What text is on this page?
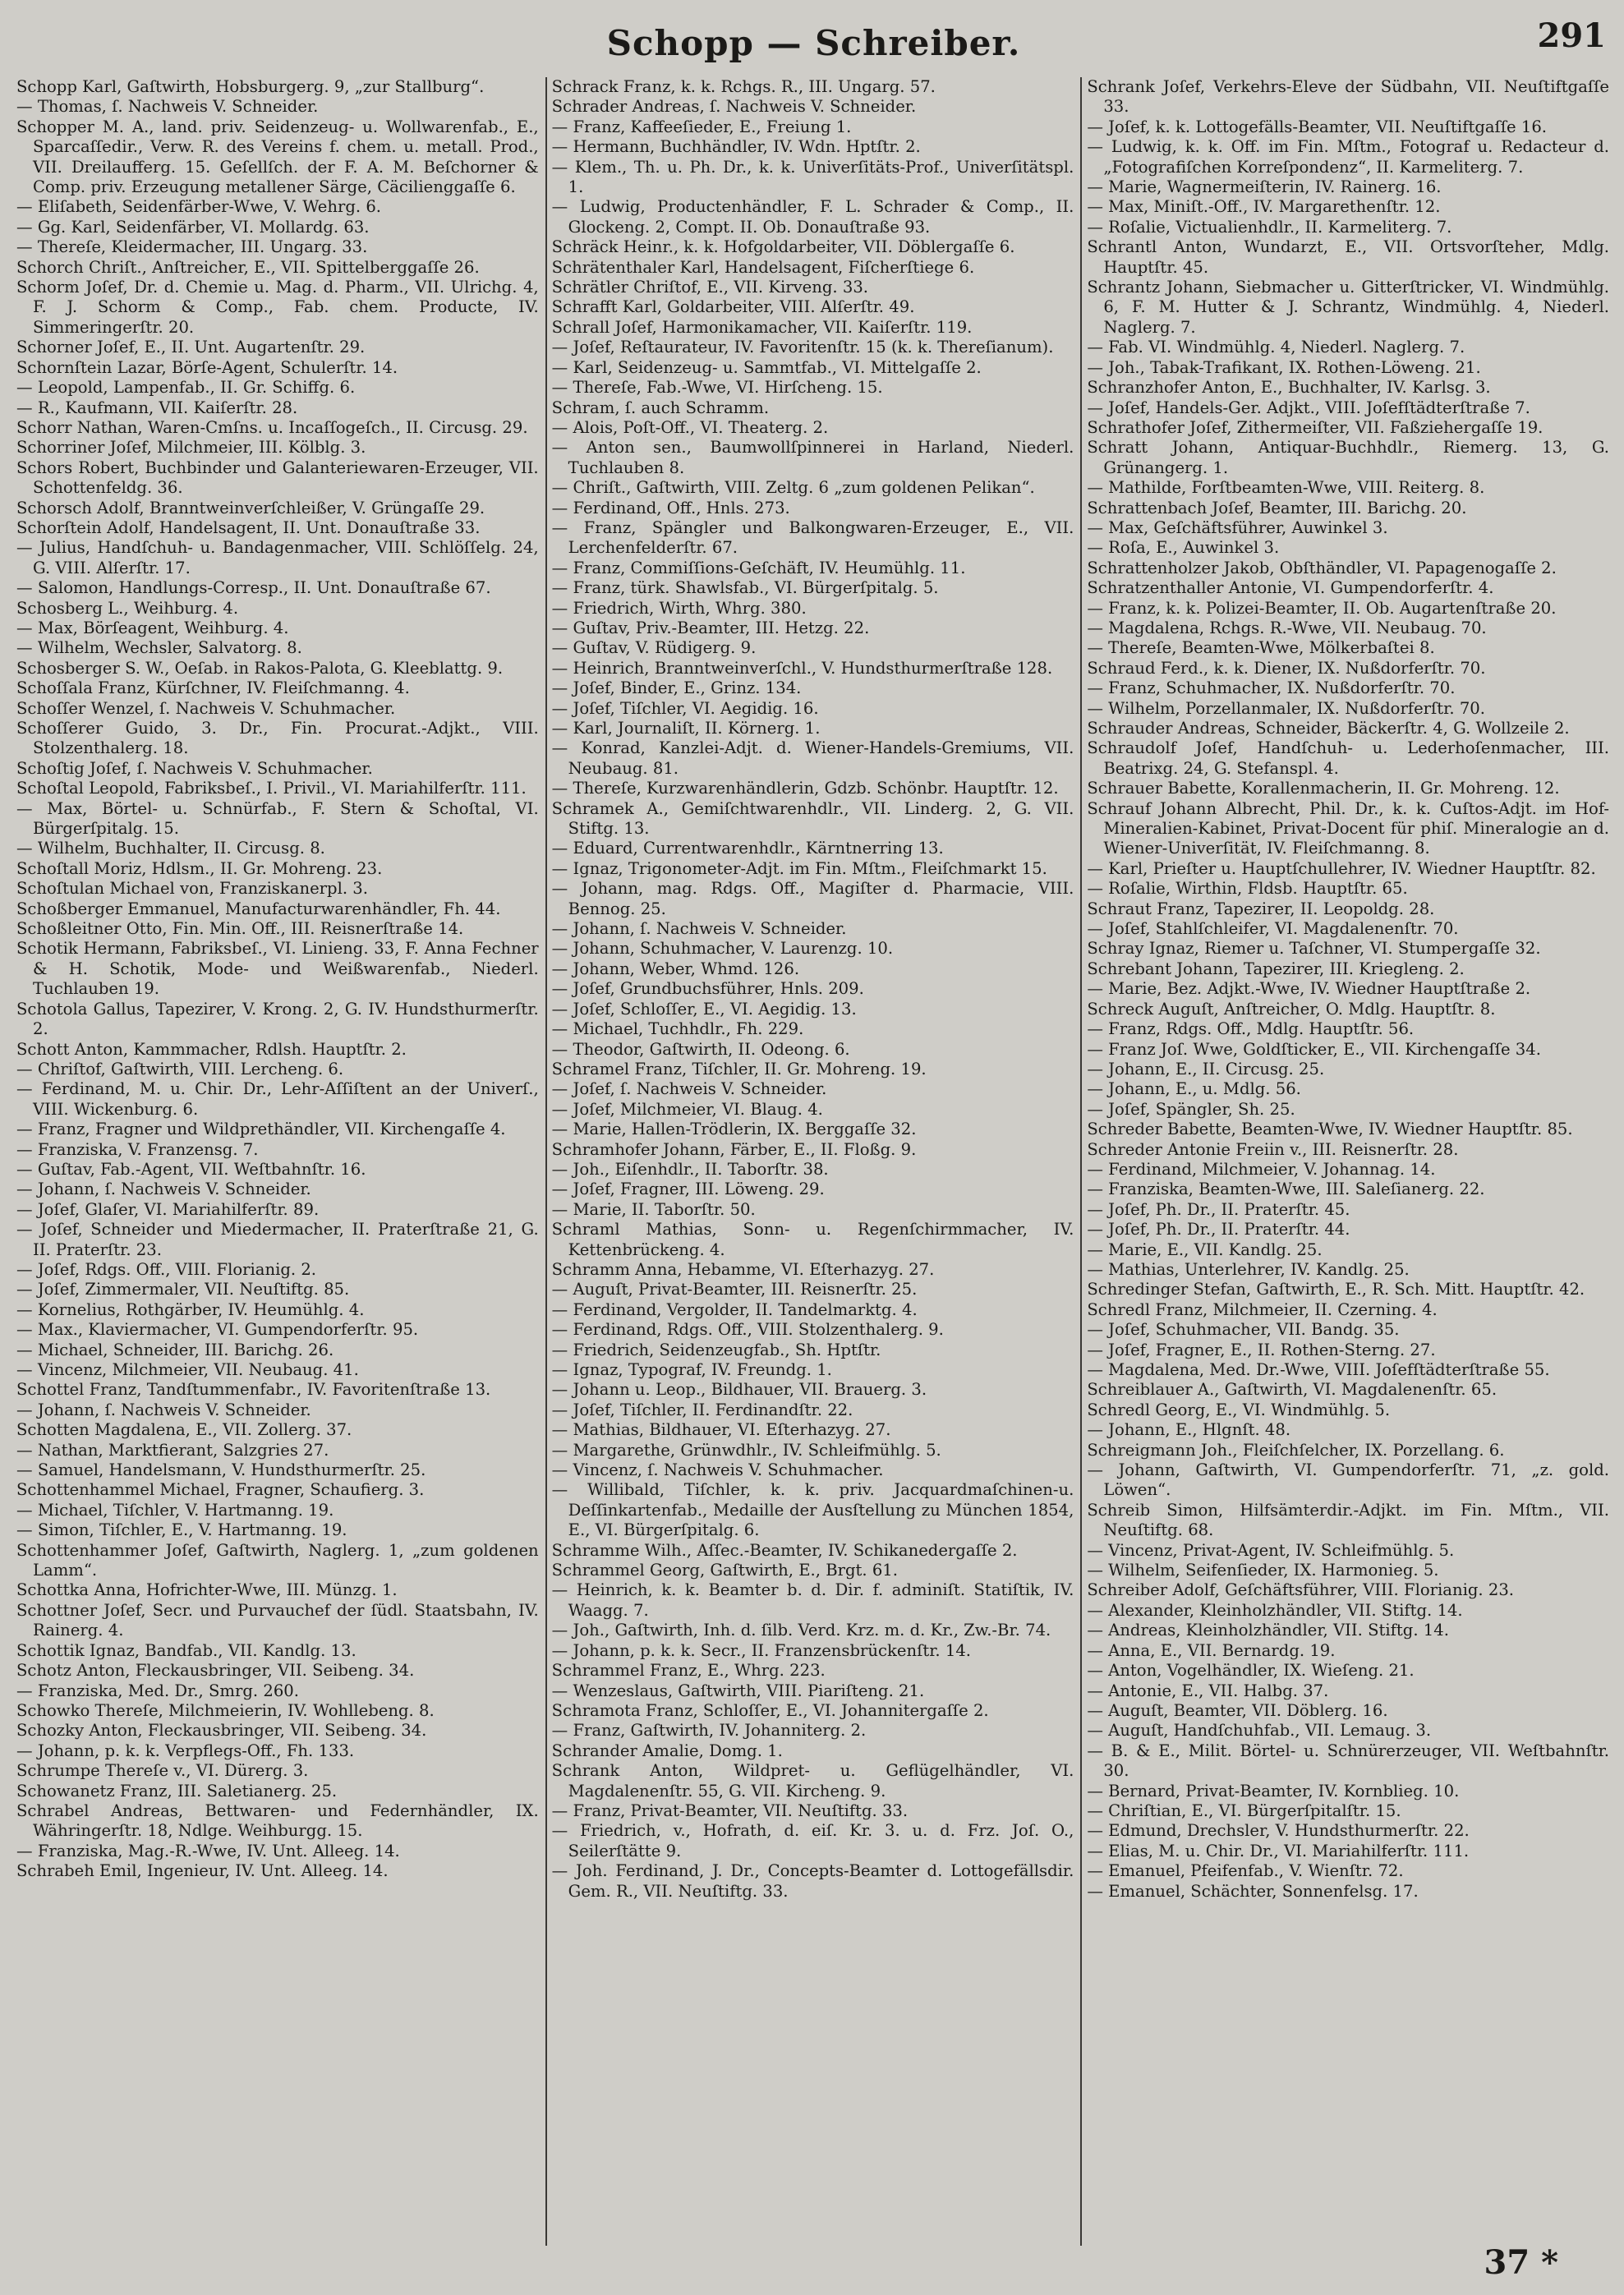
Schopp — Schreiber.	291

Schopp Karl, Gaſtwirth, Hobsburgerg. 9, „zur Stallburg“.

— Thomas, ſ. Nachweis V. Schneider.

Schopper M. A., land. priv. Seidenzeug- u. Wollwarenfab., E., Sparcaſſedir., Verw. R. des Vereins f. chem. u. metall. Prod., VII. Dreilaufferg. 15. Geſellſch. der F. A. M. Beſchorner & Comp. priv. Erzeugung metallener Särge, Cäcilienggaſſe 6.

— Eliſabeth, Seidenfärber-Wwe, V. Wehrg. 6.

— Gg. Karl, Seidenfärber, VI. Mollardg. 63.

— Thereſe, Kleidermacher, III. Ungarg. 33.

Schorch Chriſt., Anſtreicher, E., VII. Spittelberggaſſe 26.

Schorm Joſef, Dr. d. Chemie u. Mag. d. Pharm., VII. Ulrichg. 4, F. J. Schorm & Comp., Fab. chem. Producte, IV. Simmeringerſtr. 20.

Schorner Joſef, E., II. Unt. Augartenſtr. 29.

Schornſtein Lazar, Börſe-Agent, Schulerſtr. 14.

— Leopold, Lampenfab., II. Gr. Schiffg. 6.

— R., Kaufmann, VII. Kaiſerſtr. 28.

Schorr Nathan, Waren-Cmſns. u. Incaſſogeſch., II. Circusg. 29.

Schorriner Joſef, Milchmeier, III. Kölblg. 3.

Schors Robert, Buchbinder und Galanteriewaren-Erzeuger, VII. Schottenfeldg. 36.

Schorsch Adolf, Branntweinverſchleißer, V. Grüngaſſe 29.

Schorſtein Adolf, Handelsagent, II. Unt. Donauſtraße 33.

— Julius, Handſchuh- u. Bandagenmacher, VIII. Schlöſſelg. 24, G. VIII. Alſerſtr. 17.

— Salomon, Handlungs-Corresp., II. Unt. Donauſtraße 67.

Schosberg L., Weihburg. 4.

— Max, Börſeagent, Weihburg. 4.

— Wilhelm, Wechsler, Salvatorg. 8.

Schosberger S. W., Oeſab. in Rakos-Palota, G. Kleeblattg. 9.

Schoſſala Franz, Kürſchner, IV. Fleiſchmanng. 4.

Schoſſer Wenzel, ſ. Nachweis V. Schuhmacher.

Schoſſerer Guido, 3. Dr., Fin. Procurat.-Adjkt., VIII. Stolzenthalerg. 18.

Schoſtig Joſef, ſ. Nachweis V. Schuhmacher.

Schoſtal Leopold, Fabriksbeſ., I. Privil., VI. Mariahilferſtr. 111.

— Max, Börtel- u. Schnürfab., F. Stern & Schoſtal, VI. Bürgerſpitalg. 15.

— Wilhelm, Buchhalter, II. Circusg. 8.

Schoſtall Moriz, Hdlsm., II. Gr. Mohreng. 23.

Schoſtulan Michael von, Franziskanerpl. 3.

Schoßberger Emmanuel, Manufacturwarenhändler, Fh. 44.

Schoßleitner Otto, Fin. Min. Off., III. Reisnerſtraße 14.

Schotik Hermann, Fabriksbeſ., VI. Linieng. 33, F. Anna Fechner & H. Schotik, Mode- und Weißwarenfab., Niederl. Tuchlauben 19.

Schotola Gallus, Tapezirer, V. Krong. 2, G. IV. Hundsthurmerſtr. 2.

Schott Anton, Kammmacher, Rdlsh. Hauptſtr. 2.

— Chriſtof, Gaſtwirth, VIII. Lercheng. 6.

— Ferdinand, M. u. Chir. Dr., Lehr-Aſſiſtent an der Univerſ., VIII. Wickenburg. 6.

— Franz, Fragner und Wildprethändler, VII. Kirchengaſſe 4.

— Franziska, V. Franzensg. 7.

— Guſtav, Fab.-Agent, VII. Weſtbahnſtr. 16.

— Johann, ſ. Nachweis V. Schneider.

— Joſef, Glaſer, VI. Mariahilferſtr. 89.

— Joſef, Schneider und Miedermacher, II. Praterſtraße 21, G. II. Praterſtr. 23.

— Joſef, Rdgs. Off., VIII. Florianig. 2.

— Joſef, Zimmermaler, VII. Neuſtiftg. 85.

— Kornelius, Rothgärber, IV. Heumühlg. 4.

— Max., Klaviermacher, VI. Gumpendorferſtr. 95.

— Michael, Schneider, III. Barichg. 26.

— Vincenz, Milchmeier, VII. Neubaug. 41.

Schottel Franz, Tandſtummenfabr., IV. Favoritenſtraße 13.

— Johann, ſ. Nachweis V. Schneider.

Schotten Magdalena, E., VII. Zollerg. 37.

— Nathan, Marktfierant, Salzgries 27.

— Samuel, Handelsmann, V. Hundsthurmerſtr. 25.

Schottenhammel Michael, Fragner, Schaufierg. 3.

— Michael, Tiſchler, V. Hartmanng. 19.

— Simon, Tiſchler, E., V. Hartmanng. 19.

Schottenhammer Joſef, Gaſtwirth, Naglerg. 1, „zum goldenen Lamm“.

Schottka Anna, Hofrichter-Wwe, III. Münzg. 1.

Schottner Joſef, Secr. und Purvauchef der ſüdl. Staatsbahn, IV. Rainerg. 4.

Schottik Ignaz, Bandfab., VII. Kandlg. 13.

Schotz Anton, Fleckausbringer, VII. Seibeng. 34.

— Franziska, Med. Dr., Smrg. 260.

Schowko Thereſe, Milchmeierin, IV. Wohllebeng. 8.

Schozky Anton, Fleckausbringer, VII. Seibeng. 34.

— Johann, p. k. k. Verpflegs-Off., Fh. 133.

Schrumpe Thereſe v., VI. Dürerg. 3.

Schowanetz Franz, III. Saletianerg. 25.

Schrabel Andreas, Bettwaren- und Federnhändler, IX. Währingerſtr. 18, Ndlge. Weihburgg. 15.

— Franziska, Mag.-R.-Wwe, IV. Unt. Alleeg. 14.

Schrabeh Emil, Ingenieur, IV. Unt. Alleeg. 14.

Schrack Franz, k. k. Rchgs. R., III. Ungarg. 57.

Schrader Andreas, ſ. Nachweis V. Schneider.

— Franz, Kaffeeſieder, E., Freiung 1.

— Hermann, Buchhändler, IV. Wdn. Hptſtr. 2.

— Klem., Th. u. Ph. Dr., k. k. Univerſitäts-Prof., Univerſitätspl. 1.

— Ludwig, Productenhändler, F. L. Schrader & Comp., II. Glockeng. 2, Compt. II. Ob. Donauſtraße 93.

Schräck Heinr., k. k. Hofgoldarbeiter, VII. Döblergaſſe 6.

Schrätenthaler Karl, Handelsagent, Fiſcherſtiege 6.

Schrätler Chriſtof, E., VII. Kirveng. 33.

Schrafft Karl, Goldarbeiter, VIII. Alſerſtr. 49.

Schrall Joſef, Harmonikamacher, VII. Kaiſerſtr. 119.

— Joſef, Reſtaurateur, IV. Favoritenſtr. 15 (k. k. Thereſianum).

— Karl, Seidenzeug- u. Sammtfab., VI. Mittelgaſſe 2.

— Thereſe, Fab.-Wwe, VI. Hirſcheng. 15.

Schram, ſ. auch Schramm.

— Alois, Poſt-Off., VI. Theaterg. 2.

— Anton sen., Baumwollſpinnerei in Harland, Niederl. Tuchlauben 8.

— Chriſt., Gaſtwirth, VIII. Zeltg. 6 „zum goldenen Pelikan“.

— Ferdinand, Off., Hnls. 273.

— Franz, Spängler und Balkongwaren-Erzeuger, E., VII. Lerchenfelderſtr. 67.

— Franz, Commiſſions-Geſchäft, IV. Heumühlg. 11.

— Franz, türk. Shawlsfab., VI. Bürgerſpitalg. 5.

— Friedrich, Wirth, Whrg. 380.

— Guſtav, Priv.-Beamter, III. Hetzg. 22.

— Guſtav, V. Rüdigerg. 9.

— Heinrich, Branntweinverſchl., V. Hundsthurmerſtraße 128.

— Joſef, Binder, E., Grinz. 134.

— Joſef, Tiſchler, VI. Aegidig. 16.

— Karl, Journaliſt, II. Körnerg. 1.

— Konrad, Kanzlei-Adjt. d. Wiener-Handels-Gremiums, VII. Neubaug. 81.

— Thereſe, Kurzwarenhändlerin, Gdzb. Schönbr. Hauptſtr. 12.

Schramek A., Gemiſchtwarenhdlr., VII. Linderg. 2, G. VII. Stiftg. 13.

— Eduard, Currentwarenhdlr., Kärntnerring 13.

— Ignaz, Trigonometer-Adjt. im Fin. Mſtm., Fleiſchmarkt 15.

— Johann, mag. Rdgs. Off., Magiſter d. Pharmacie, VIII. Bennog. 25.

— Johann, ſ. Nachweis V. Schneider.

— Johann, Schuhmacher, V. Laurenzg. 10.

— Johann, Weber, Whmd. 126.

— Joſef, Grundbuchsführer, Hnls. 209.

— Joſef, Schloſſer, E., VI. Aegidig. 13.

— Michael, Tuchhdlr., Fh. 229.

— Theodor, Gaſtwirth, II. Odeong. 6.

Schramel Franz, Tiſchler, II. Gr. Mohreng. 19.

— Joſef, ſ. Nachweis V. Schneider.

— Joſef, Milchmeier, VI. Blaug. 4.

— Marie, Hallen-Trödlerin, IX. Berggaſſe 32.

Schramhofer Johann, Färber, E., II. Floßg. 9.

— Joh., Eiſenhdlr., II. Taborſtr. 38.

— Joſef, Fragner, III. Löweng. 29.

— Marie, II. Taborſtr. 50.

Schraml Mathias, Sonn- u. Regenſchirmmacher, IV. Kettenbrückeng. 4.

Schramm Anna, Hebamme, VI. Eſterhazyg. 27.

— Auguſt, Privat-Beamter, III. Reisnerſtr. 25.

— Ferdinand, Vergolder, II. Tandelmarktg. 4.

— Ferdinand, Rdgs. Off., VIII. Stolzenthalerg. 9.

— Friedrich, Seidenzeugfab., Sh. Hptſtr.

— Ignaz, Typograf, IV. Freundg. 1.

— Johann u. Leop., Bildhauer, VII. Brauerg. 3.

— Joſef, Tiſchler, II. Ferdinandſtr. 22.

— Mathias, Bildhauer, VI. Eſterhazyg. 27.

— Margarethe, Grünwdhlr., IV. Schleifmühlg. 5.

— Vincenz, ſ. Nachweis V. Schuhmacher.

— Willibald, Tiſchler, k. k. priv. Jacquardmaſchinen-u. Deſſinkartenfab., Medaille der Ausſtellung zu München 1854, E., VI. Bürgerſpitalg. 6.

Schramme Wilh., Aſſec.-Beamter, IV. Schikanedergaſſe 2.

Schrammel Georg, Gaſtwirth, E., Brgt. 61.

— Heinrich, k. k. Beamter b. d. Dir. f. adminiſt. Statiſtik, IV. Waagg. 7.

— Joh., Gaſtwirth, Inh. d. ſilb. Verd. Krz. m. d. Kr., Zw.-Br. 74.

— Johann, p. k. k. Secr., II. Franzensbrückenſtr. 14.

Schrammel Franz, E., Whrg. 223.

— Wenzeslaus, Gaſtwirth, VIII. Piariſteng. 21.

Schramota Franz, Schloſſer, E., VI. Johannitergaſſe 2.

— Franz, Gaſtwirth, IV. Johanniterg. 2.

Schrander Amalie, Domg. 1.

Schrank Anton, Wildpret- u. Geflügelhändler, VI. Magdalenenſtr. 55, G. VII. Kircheng. 9.

— Franz, Privat-Beamter, VII. Neuſtiftg. 33.

— Friedrich, v., Hofrath, d. eiſ. Kr. 3. u. d. Frz. Joſ. O., Seilerſtätte 9.

— Joh. Ferdinand, J. Dr., Concepts-Beamter d. Lottogefällsdir. Gem. R., VII. Neuſtiftg. 33.

Schrank Joſef, Verkehrs-Eleve der Südbahn, VII. Neuſtiftgaſſe 33.

— Joſef, k. k. Lottogefälls-Beamter, VII. Neuſtiftgaſſe 16.

— Ludwig, k. k. Off. im Fin. Mſtm., Fotograf u. Redacteur d. „Fotografiſchen Korreſpondenz“, II. Karmeliterg. 7.

— Marie, Wagnermeiſterin, IV. Rainerg. 16.

— Max, Miniſt.-Off., IV. Margarethenſtr. 12.

— Roſalie, Victualienhdlr., II. Karmeliterg. 7.

Schrantl Anton, Wundarzt, E., VII. Ortsvorſteher, Mdlg. Hauptſtr. 45.

Schrantz Johann, Siebmacher u. Gitterſtricker, VI. Windmühlg. 6, F. M. Hutter & J. Schrantz, Windmühlg. 4, Niederl. Naglerg. 7.

— Fab. VI. Windmühlg. 4, Niederl. Naglerg. 7.

— Joh., Tabak-Trafikant, IX. Rothen-Löweng. 21.

Schranzhofer Anton, E., Buchhalter, IV. Karlsg. 3.

— Joſef, Handels-Ger. Adjkt., VIII. Joſefſtädterſtraße 7.

Schrathofer Joſef, Zithermeiſter, VII. Faßziehergaſſe 19.

Schratt Johann, Antiquar-Buchhdlr., Riemerg. 13, G. Grünangerg. 1.

— Mathilde, Forſtbeamten-Wwe, VIII. Reiterg. 8.

Schrattenbach Joſef, Beamter, III. Barichg. 20.

— Max, Geſchäftsführer, Auwinkel 3.

— Roſa, E., Auwinkel 3.

Schrattenholzer Jakob, Obſthändler, VI. Papagenogaſſe 2.

Schratzenthaller Antonie, VI. Gumpendorferſtr. 4.

— Franz, k. k. Polizei-Beamter, II. Ob. Augartenſtraße 20.

— Magdalena, Rchgs. R.-Wwe, VII. Neubaug. 70.

— Thereſe, Beamten-Wwe, Mölkerbaſtei 8.

Schraud Ferd., k. k. Diener, IX. Nußdorferſtr. 70.

— Franz, Schuhmacher, IX. Nußdorferſtr. 70.

— Wilhelm, Porzellanmaler, IX. Nußdorferſtr. 70.

Schrauder Andreas, Schneider, Bäckerſtr. 4, G. Wollzeile 2.

Schraudolf Joſef, Handſchuh- u. Lederhoſenmacher, III. Beatrixg. 24, G. Stefanspl. 4.

Schrauer Babette, Korallenmacherin, II. Gr. Mohreng. 12.

Schrauf Johann Albrecht, Phil. Dr., k. k. Cuſtos-Adjt. im Hof-Mineralien-Kabinet, Privat-Docent für phiſ. Mineralogie an d. Wiener-Univerſität, IV. Fleiſchmanng. 8.

— Karl, Prieſter u. Hauptſchullehrer, IV. Wiedner Hauptſtr. 82.

— Roſalie, Wirthin, Fldsb. Hauptſtr. 65.

Schraut Franz, Tapezirer, II. Leopoldg. 28.

— Joſef, Stahlſchleifer, VI. Magdalenenſtr. 70.

Schray Ignaz, Riemer u. Taſchner, VI. Stumpergaſſe 32.

Schrebant Johann, Tapezirer, III. Kriegleng. 2.

— Marie, Bez. Adjkt.-Wwe, IV. Wiedner Hauptſtraße 2.

Schreck Auguſt, Anſtreicher, O. Mdlg. Hauptſtr. 8.

— Franz, Rdgs. Off., Mdlg. Hauptſtr. 56.

— Franz Joſ. Wwe, Goldſticker, E., VII. Kirchengaſſe 34.

— Johann, E., II. Circusg. 25.

— Johann, E., u. Mdlg. 56.

— Joſef, Spängler, Sh. 25.

Schreder Babette, Beamten-Wwe, IV. Wiedner Hauptſtr. 85.

Schreder Antonie Freiin v., III. Reisnerſtr. 28.

— Ferdinand, Milchmeier, V. Johannag. 14.

— Franziska, Beamten-Wwe, III. Saleſianerg. 22.

— Joſef, Ph. Dr., II. Praterſtr. 45.

— Joſef, Ph. Dr., II. Praterſtr. 44.

— Marie, E., VII. Kandlg. 25.

— Mathias, Unterlehrer, IV. Kandlg. 25.

Schredinger Stefan, Gaſtwirth, E., R. Sch. Mitt. Hauptſtr. 42.

Schredl Franz, Milchmeier, II. Czerning. 4.

— Joſef, Schuhmacher, VII. Bandg. 35.

— Joſef, Fragner, E., II. Rothen-Sterng. 27.

— Magdalena, Med. Dr.-Wwe, VIII. Joſefſtädterſtraße 55.

Schreiblauer A., Gaſtwirth, VI. Magdalenenſtr. 65.

Schredl Georg, E., VI. Windmühlg. 5.

— Johann, E., Hlgnſt. 48.

Schreigmann Joh., Fleiſchſelcher, IX. Porzellang. 6.

— Johann, Gaſtwirth, VI. Gumpendorferſtr. 71, „z. gold. Löwen“.

Schreib Simon, Hilfsämterdir.-Adjkt. im Fin. Mſtm., VII. Neuſtiftg. 68.

— Vincenz, Privat-Agent, IV. Schleifmühlg. 5.

— Wilhelm, Seifenſieder, IX. Harmonieg. 5.

Schreiber Adolf, Geſchäftsführer, VIII. Florianig. 23.

— Alexander, Kleinholzhändler, VII. Stiftg. 14.

— Andreas, Kleinholzhändler, VII. Stiftg. 14.

— Anna, E., VII. Bernardg. 19.

— Anton, Vogelhändler, IX. Wieſeng. 21.

— Antonie, E., VII. Halbg. 37.

— Auguſt, Beamter, VII. Döblerg. 16.

— Auguſt, Handſchuhfab., VII. Lemaug. 3.

— B. & E., Milit. Börtel- u. Schnürerzeuger, VII. Weſtbahnſtr. 30.

— Bernard, Privat-Beamter, IV. Kornblieg. 10.

— Chriſtian, E., VI. Bürgerſpitalſtr. 15.

— Edmund, Drechsler, V. Hundsthurmerſtr. 22.

— Elias, M. u. Chir. Dr., VI. Mariahilferſtr. 111.

— Emanuel, Pfeifenfab., V. Wienſtr. 72.

— Emanuel, Schächter, Sonnenfelsg. 17.

37 *
